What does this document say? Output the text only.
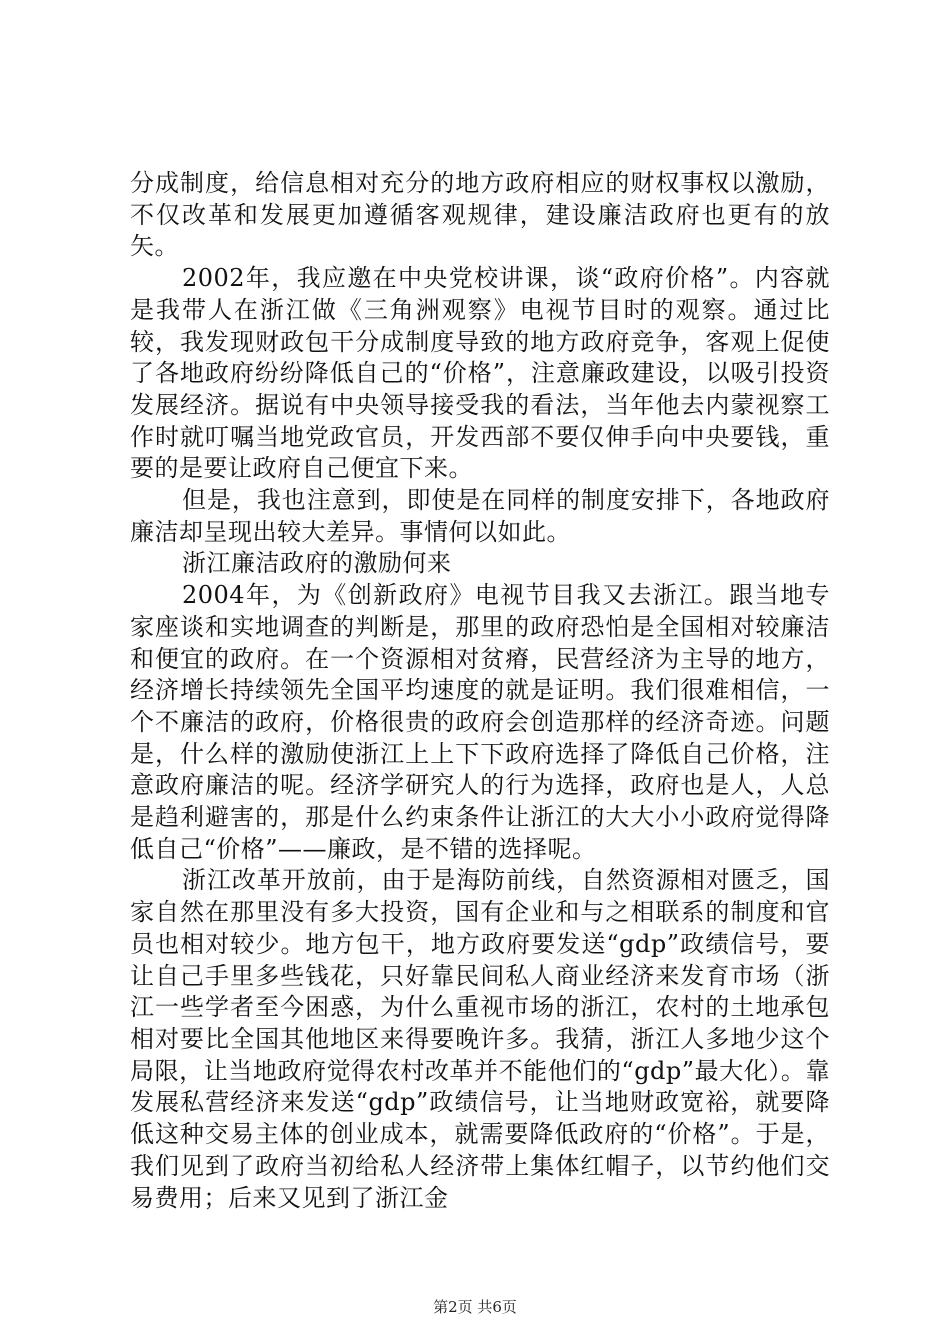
分成制度，给信息相对充分的地方政府相应的财权事权以激励，不仅改革和发展更加遵循客观规律，建设廉洁政府也更有的放矢。

2002年，我应邀在中央党校讲课，谈“政府价格”。内容就是我带人在浙江做《三角洲观察》电视节目时的观察。通过比较，我发现财政包干分成制度导致的地方政府竞争，客观上促使了各地政府纷纷降低自己的“价格”，注意廉政建设，以吸引投资发展经济。据说有中央领导接受我的看法，当年他去内蒙视察工作时就叮嘱当地党政官员，开发西部不要仅伸手向中央要钱，重要的是要让政府自己便宜下来。

但是，我也注意到，即使是在同样的制度安排下，各地政府廉洁却呈现出较大差异。事情何以如此。

浙江廉洁政府的激励何来

2004年，为《创新政府》电视节目我又去浙江。跟当地专家座谈和实地调查的判断是，那里的政府恐怕是全国相对较廉洁和便宜的政府。在一个资源相对贫瘠，民营经济为主导的地方，经济增长持续领先全国平均速度的就是证明。我们很难相信，一个不廉洁的政府，价格很贵的政府会创造那样的经济奇迹。问题是，什么样的激励使浙江上上下下政府选择了降低自己价格，注意政府廉洁的呢。经济学研究人的行为选择，政府也是人，人总是趋利避害的，那是什么约束条件让浙江的大大小小政府觉得降低自己“价格”——廉政，是不错的选择呢。

浙江改革开放前，由于是海防前线，自然资源相对匮乏，国家自然在那里没有多大投资，国有企业和与之相联系的制度和官员也相对较少。地方包干，地方政府要发送“gdp”政绩信号，要让自己手里多些钱花，只好靠民间私人商业经济来发育市场（浙江一些学者至今困惑，为什么重视市场的浙江，农村的土地承包相对要比全国其他地区来得要晚许多。我猜，浙江人多地少这个局限，让当地政府觉得农村改革并不能他们的“gdp”最大化）。靠发展私营经济来发送“gdp”政绩信号，让当地财政宽裕，就要降低这种交易主体的创业成本，就需要降低政府的“价格”。于是，我们见到了政府当初给私人经济带上集体红帽子，以节约他们交易费用；后来又见到了浙江金

第2页 共6页
